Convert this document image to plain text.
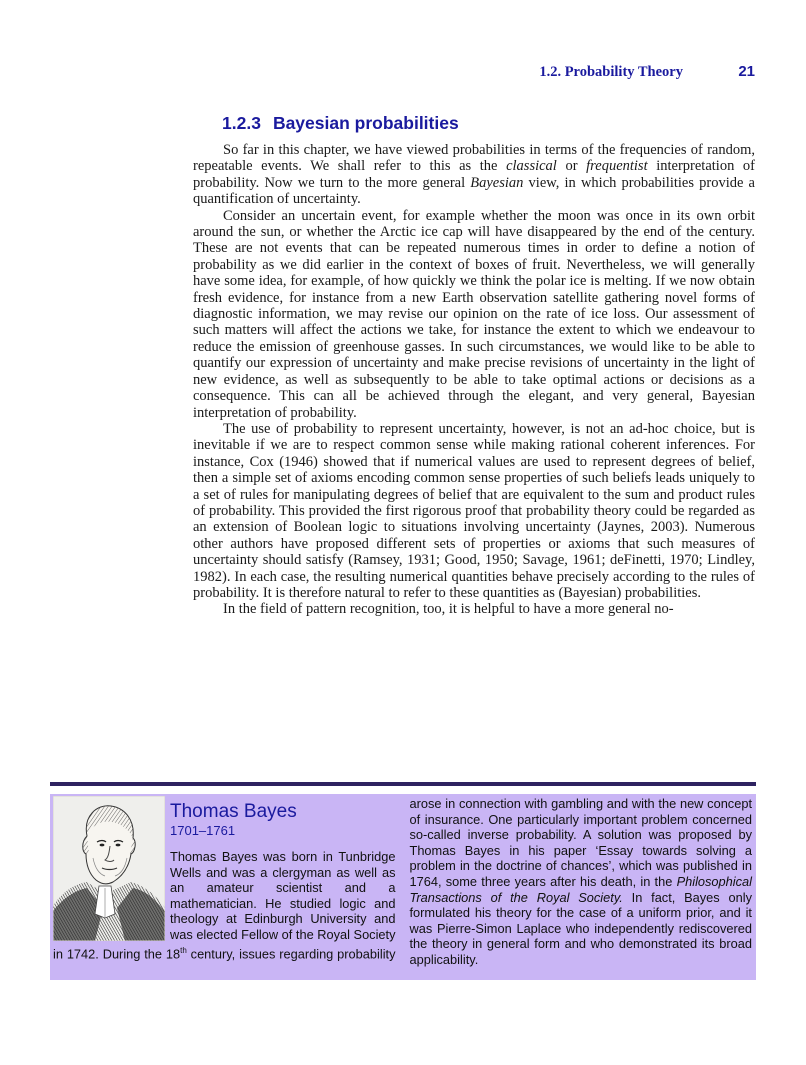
1.2. Probability Theory	21
1.2.3 Bayesian probabilities

So far in this chapter, we have viewed probabilities in terms of the frequencies of random, repeatable events. We shall refer to this as the classical or frequentist interpretation of probability. Now we turn to the more general Bayesian view, in which probabilities provide a quantification of uncertainty.

Consider an uncertain event, for example whether the moon was once in its own orbit around the sun, or whether the Arctic ice cap will have disappeared by the end of the century. These are not events that can be repeated numerous times in order to define a notion of probability as we did earlier in the context of boxes of fruit. Nevertheless, we will generally have some idea, for example, of how quickly we think the polar ice is melting. If we now obtain fresh evidence, for instance from a new Earth observation satellite gathering novel forms of diagnostic information, we may revise our opinion on the rate of ice loss. Our assessment of such matters will affect the actions we take, for instance the extent to which we endeavour to reduce the emission of greenhouse gasses. In such circumstances, we would like to be able to quantify our expression of uncertainty and make precise revisions of uncertainty in the light of new evidence, as well as subsequently to be able to take optimal actions or decisions as a consequence. This can all be achieved through the elegant, and very general, Bayesian interpretation of probability.

The use of probability to represent uncertainty, however, is not an ad-hoc choice, but is inevitable if we are to respect common sense while making rational coherent inferences. For instance, Cox (1946) showed that if numerical values are used to represent degrees of belief, then a simple set of axioms encoding common sense properties of such beliefs leads uniquely to a set of rules for manipulating degrees of belief that are equivalent to the sum and product rules of probability. This provided the first rigorous proof that probability theory could be regarded as an extension of Boolean logic to situations involving uncertainty (Jaynes, 2003). Numerous other authors have proposed different sets of properties or axioms that such measures of uncertainty should satisfy (Ramsey, 1931; Good, 1950; Savage, 1961; deFinetti, 1970; Lindley, 1982). In each case, the resulting numerical quantities behave precisely according to the rules of probability. It is therefore natural to refer to these quantities as (Bayesian) probabilities.

In the field of pattern recognition, too, it is helpful to have a more general no-

Thomas Bayes
1701–1761

Thomas Bayes was born in Tunbridge Wells and was a clergyman as well as an amateur scientist and a mathematician. He studied logic and theology at Edinburgh University and was elected Fellow of the Royal Society in 1742. During the 18th century, issues regarding probability arose in connection with gambling and with the new concept of insurance. One particularly important problem concerned so-called inverse probability. A solution was proposed by Thomas Bayes in his paper ‘Essay towards solving a problem in the doctrine of chances’, which was published in 1764, some three years after his death, in the Philosophical Transactions of the Royal Society. In fact, Bayes only formulated his theory for the case of a uniform prior, and it was Pierre-Simon Laplace who independently rediscovered the theory in general form and who demonstrated its broad applicability.
